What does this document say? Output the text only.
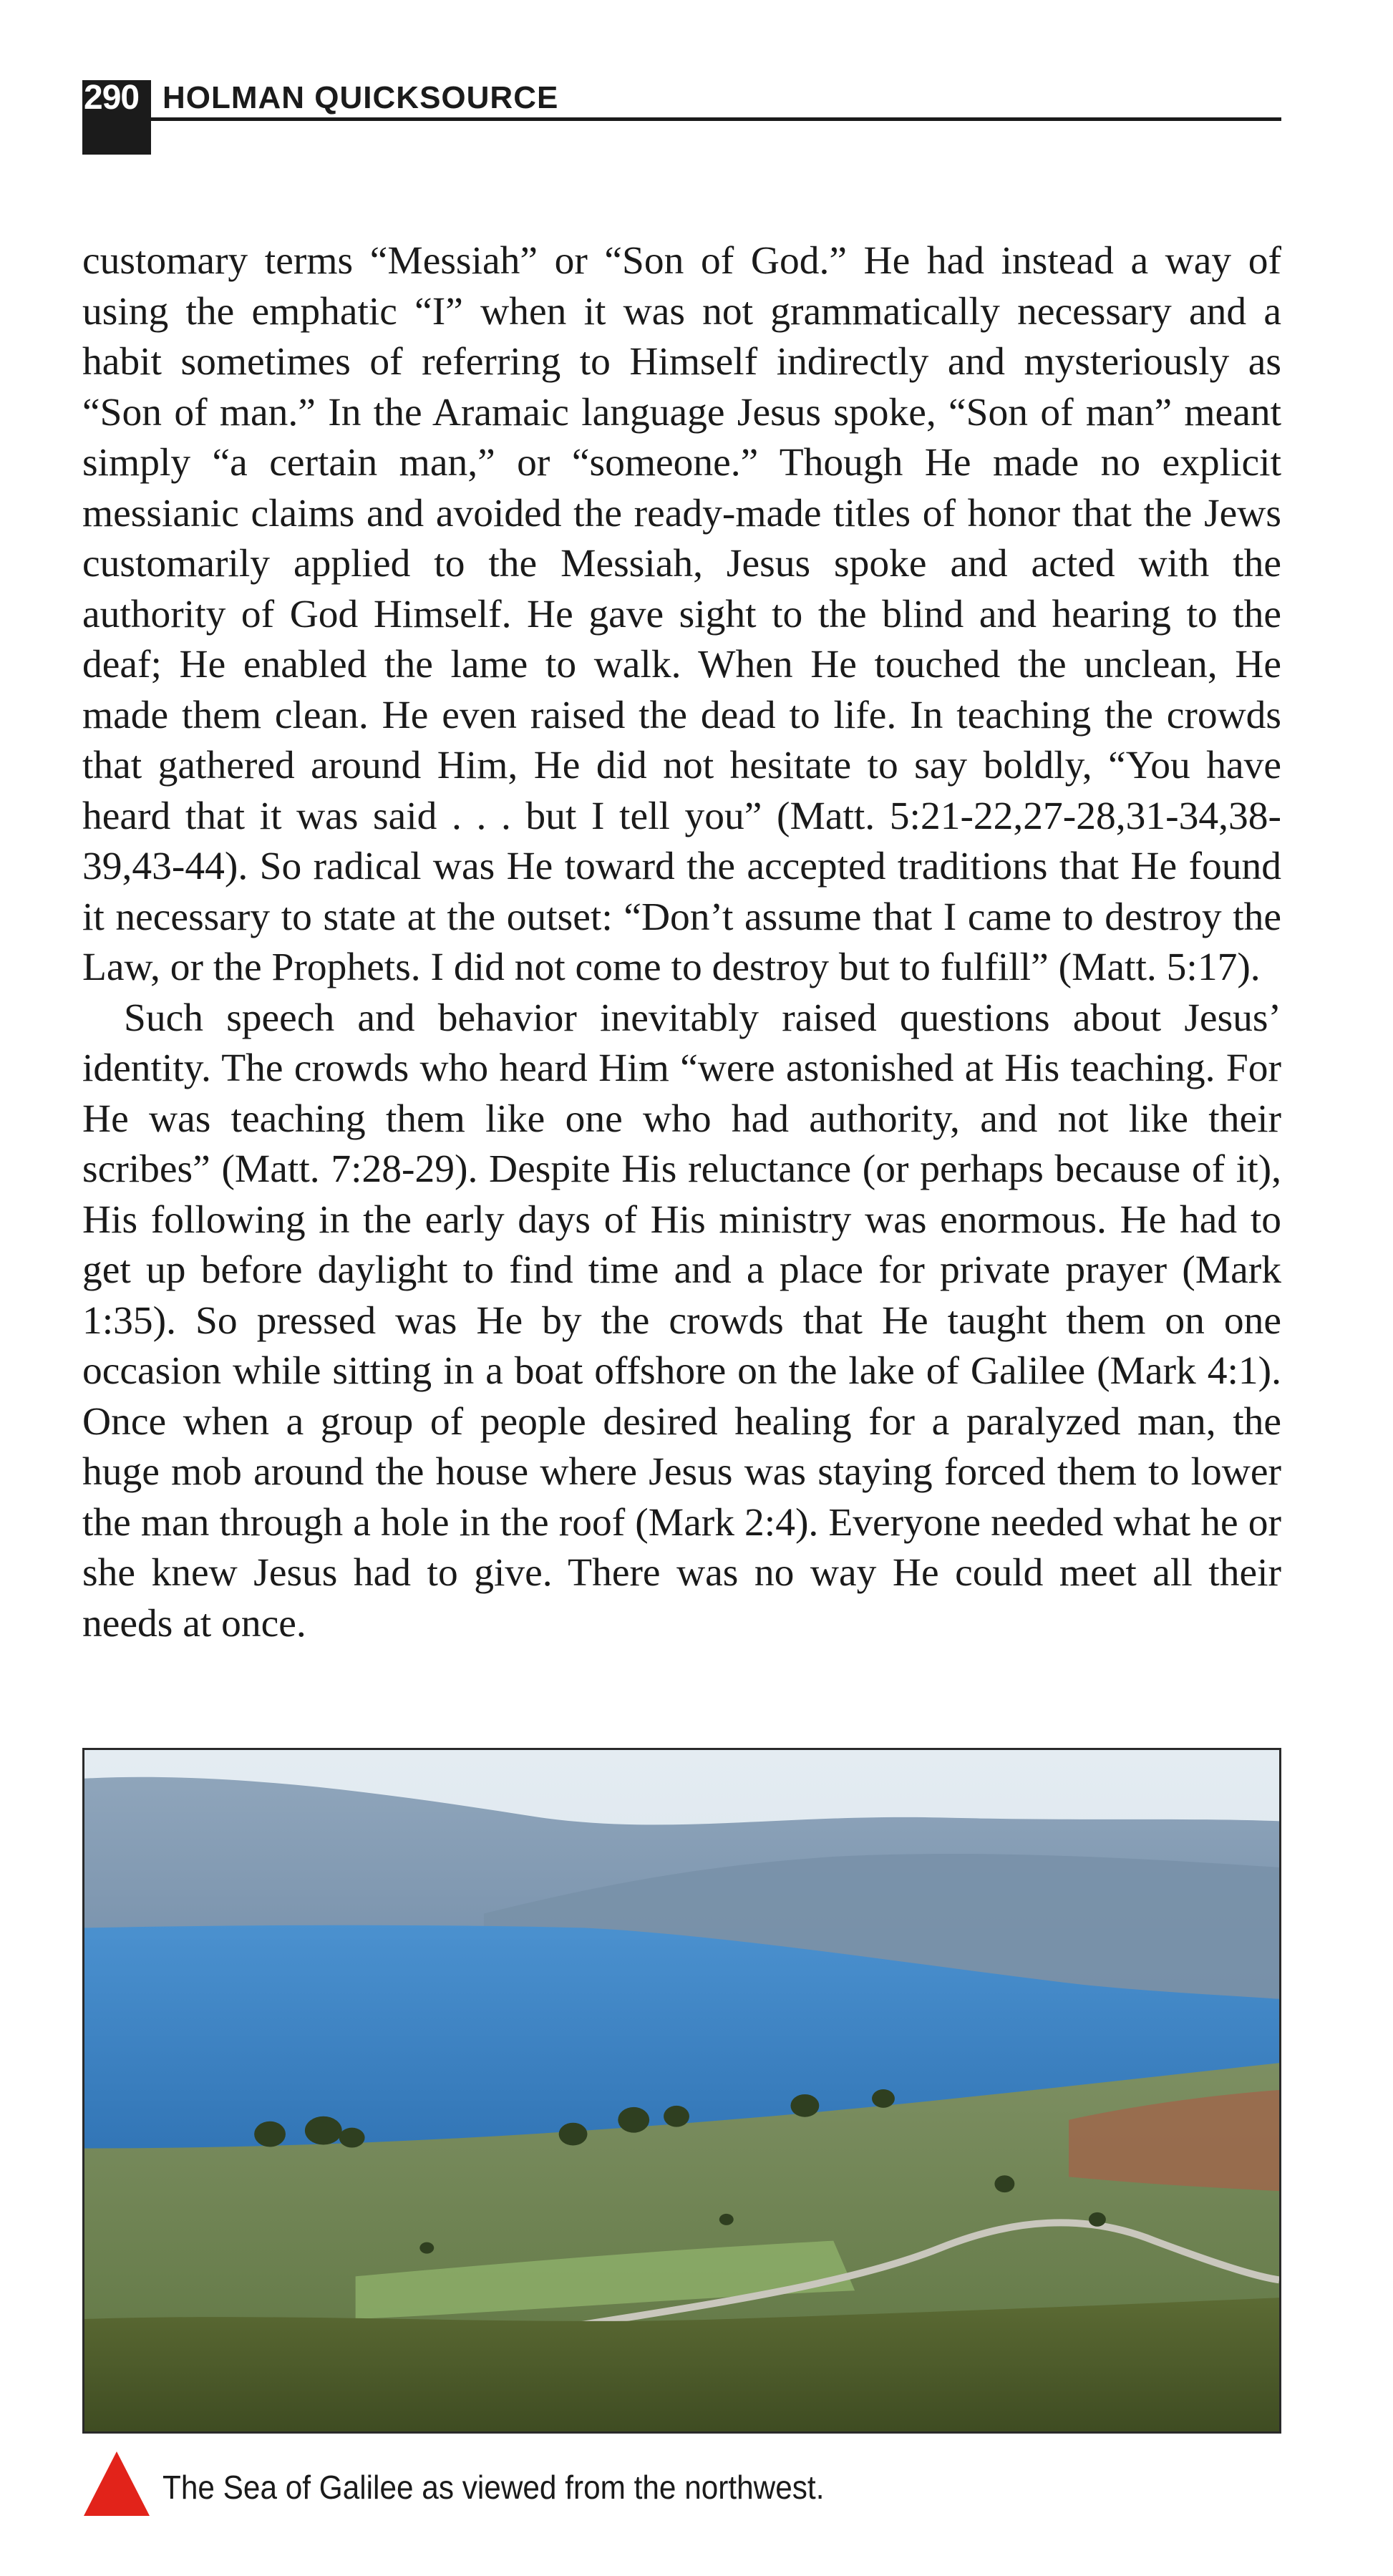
290 HOLMAN QUICKSOURCE

customary terms “Messiah” or “Son of God.” He had instead a way of using the emphatic “I” when it was not grammatically necessary and a habit sometimes of referring to Himself indirectly and mysteriously as “Son of man.” In the Aramaic language Jesus spoke, “Son of man” meant simply “a certain man,” or “someone.” Though He made no explicit messianic claims and avoided the ready-made titles of honor that the Jews customarily applied to the Messiah, Jesus spoke and acted with the authority of God Himself. He gave sight to the blind and hearing to the deaf; He enabled the lame to walk. When He touched the unclean, He made them clean. He even raised the dead to life. In teaching the crowds that gathered around Him, He did not hesitate to say boldly, “You have heard that it was said . . . but I tell you” (Matt. 5:21-22,27-28,31-34,38-39,43-44). So radical was He toward the accepted traditions that He found it necessary to state at the outset: “Don’t assume that I came to destroy the Law, or the Prophets. I did not come to destroy but to fulfill” (Matt. 5:17).

Such speech and behavior inevitably raised questions about Jesus’ identity. The crowds who heard Him “were astonished at His teaching. For He was teaching them like one who had authority, and not like their scribes” (Matt. 7:28-29). Despite His reluctance (or perhaps because of it), His following in the early days of His ministry was enormous. He had to get up before daylight to find time and a place for private prayer (Mark 1:35). So pressed was He by the crowds that He taught them on one occasion while sitting in a boat offshore on the lake of Galilee (Mark 4:1). Once when a group of people desired healing for a paralyzed man, the huge mob around the house where Jesus was staying forced them to lower the man through a hole in the roof (Mark 2:4). Everyone needed what he or she knew Jesus had to give. There was no way He could meet all their needs at once.

The Sea of Galilee as viewed from the northwest.
